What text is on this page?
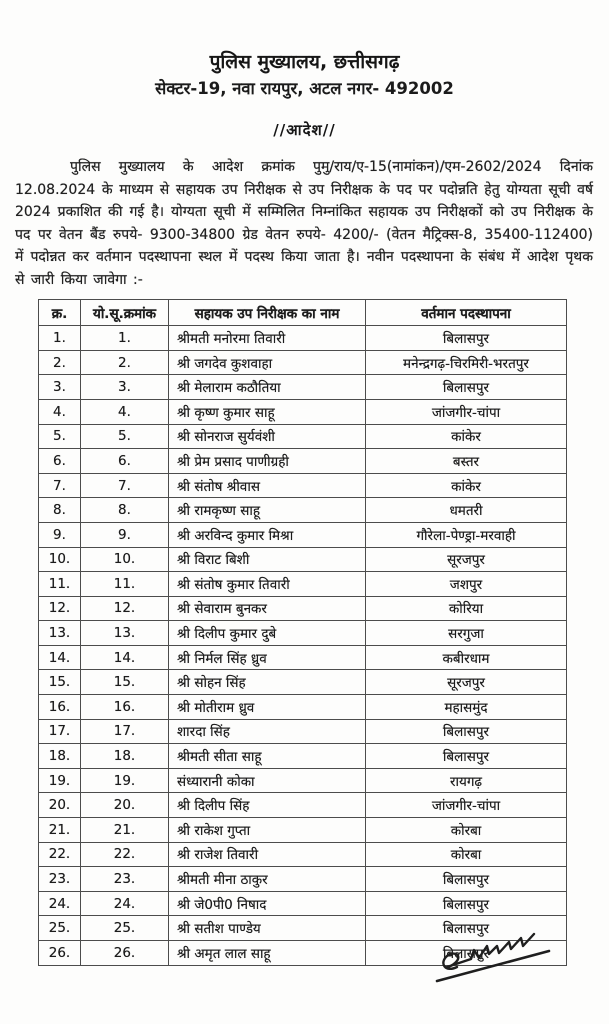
पुलिस मुख्यालय, छत्तीसगढ़
सेक्टर-19, नवा रायपुर, अटल नगर- 492002
//आदेश//

पुलिस मुख्यालय के आदेश क्रमांक पुमु/राय/ए-15(नामांकन)/एम-2602/2024 दिनांक 12.08.2024 के माध्यम से सहायक उप निरीक्षक से उप निरीक्षक के पद पर पदोन्नति हेतु योग्यता सूची वर्ष 2024 प्रकाशित की गई है। योग्यता सूची में सम्मिलित निम्नांकित सहायक उप निरीक्षकों को उप निरीक्षक के पद पर वेतन बैंड रुपये- 9300-34800 ग्रेड वेतन रुपये- 4200/- (वेतन मैट्रिक्स-8, 35400-112400) में पदोन्नत कर वर्तमान पदस्थापना स्थल में पदस्थ किया जाता है। नवीन पदस्थापना के संबंध में आदेश पृथक से जारी किया जावेगा :-

क्र.	यो.सू.क्रमांक	सहायक उप निरीक्षक का नाम	वर्तमान पदस्थापना
1.	1.	श्रीमती मनोरमा तिवारी	बिलासपुर
2.	2.	श्री जगदेव कुशवाहा	मनेन्द्रगढ़-चिरमिरी-भरतपुर
3.	3.	श्री मेलाराम कठौतिया	बिलासपुर
4.	4.	श्री कृष्ण कुमार साहू	जांजगीर-चांपा
5.	5.	श्री सोनराज सुर्यवंशी	कांकेर
6.	6.	श्री प्रेम प्रसाद पाणीग्रही	बस्तर
7.	7.	श्री संतोष श्रीवास	कांकेर
8.	8.	श्री रामकृष्ण साहू	धमतरी
9.	9.	श्री अरविन्द कुमार मिश्रा	गौरेला-पेण्ड्रा-मरवाही
10.	10.	श्री विराट बिशी	सूरजपुर
11.	11.	श्री संतोष कुमार तिवारी	जशपुर
12.	12.	श्री सेवाराम बुनकर	कोरिया
13.	13.	श्री दिलीप कुमार दुबे	सरगुजा
14.	14.	श्री निर्मल सिंह ध्रुव	कबीरधाम
15.	15.	श्री सोहन सिंह	सूरजपुर
16.	16.	श्री मोतीराम ध्रुव	महासमुंद
17.	17.	शारदा सिंह	बिलासपुर
18.	18.	श्रीमती सीता साहू	बिलासपुर
19.	19.	संध्यारानी कोका	रायगढ़
20.	20.	श्री दिलीप सिंह	जांजगीर-चांपा
21.	21.	श्री राकेश गुप्ता	कोरबा
22.	22.	श्री राजेश तिवारी	कोरबा
23.	23.	श्रीमती मीना ठाकुर	बिलासपुर
24.	24.	श्री जे0पी0 निषाद	बिलासपुर
25.	25.	श्री सतीश पाण्डेय	बिलासपुर
26.	26.	श्री अमृत लाल साहू	बिलासपुर
